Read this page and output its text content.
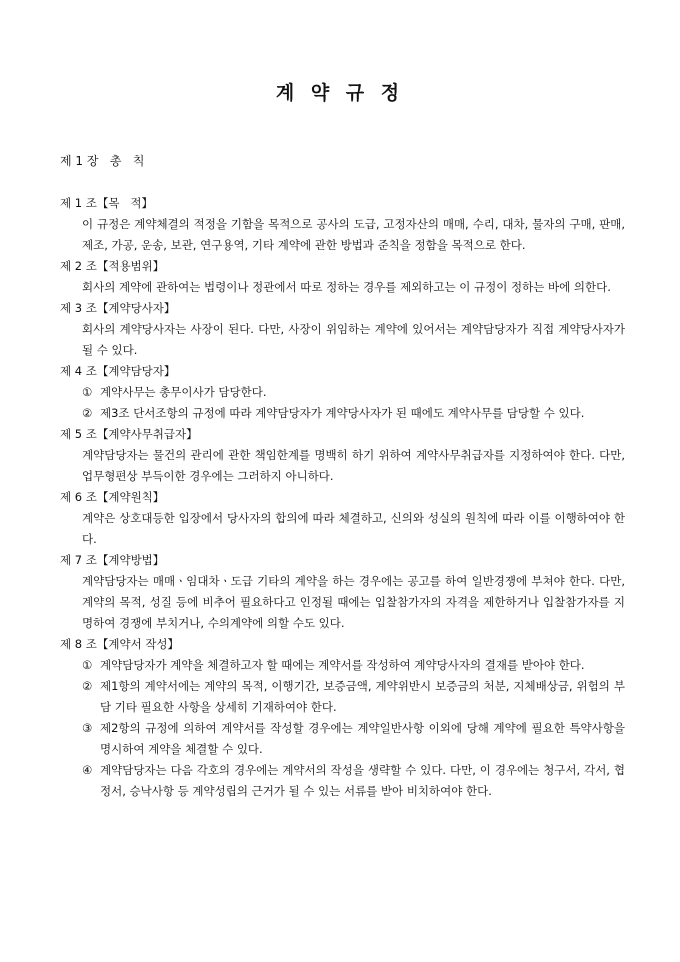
계 약 규 정
제 1 장   총   칙
제 1 조【목   적】
이 규정은 계약체결의 적정을 기함을 목적으로 공사의 도급, 고정자산의 매매, 수리, 대차, 물자의 구매, 판매, 제조, 가공, 운송, 보관, 연구용역, 기타 계약에 관한 방법과 준칙을 정함을 목적으로 한다.
제 2 조【적용범위】
회사의 계약에 관하여는 법령이나 정관에서 따로 정하는 경우를 제외하고는 이 규정이 정하는 바에 의한다.
제 3 조【계약당사자】
회사의 계약당사자는 사장이 된다. 다만, 사장이 위임하는 계약에 있어서는 계약담당자가 직접 계약당사자가 될 수 있다.
제 4 조【계약담당자】
① 계약사무는 총무이사가 담당한다.
② 제3조 단서조항의 규정에 따라 계약담당자가 계약당사자가 된 때에도 계약사무를 담당할 수 있다.
제 5 조【계약사무취급자】
계약담당자는 물건의 관리에 관한 책임한계를 명백히 하기 위하여 계약사무취급자를 지정하여야 한다. 다만, 업무형편상 부득이한 경우에는 그러하지 아니하다.
제 6 조【계약원칙】
계약은 상호대등한 입장에서 당사자의 합의에 따라 체결하고, 신의와 성실의 원칙에 따라 이를 이행하여야 한다.
제 7 조【계약방법】
계약담당자는 매매ㆍ임대차ㆍ도급 기타의 계약을 하는 경우에는 공고를 하여 일반경쟁에 부쳐야 한다. 다만, 계약의 목적, 성질 등에 비추어 필요하다고 인정될 때에는 입찰참가자의 자격을 제한하거나 입찰참가자를 지명하여 경쟁에 부치거나, 수의계약에 의할 수도 있다.
제 8 조【계약서 작성】
① 계약담당자가 계약을 체결하고자 할 때에는 계약서를 작성하여 계약당사자의 결재를 받아야 한다.
② 제1항의 계약서에는 계약의 목적, 이행기간, 보증금액, 계약위반시 보증금의 처분, 지체배상금, 위험의 부담 기타 필요한 사항을 상세히 기재하여야 한다.
③ 제2항의 규정에 의하여 계약서를 작성할 경우에는 계약일반사항 이외에 당해 계약에 필요한 특약사항을 명시하여 계약을 체결할 수 있다.
④ 계약담당자는 다음 각호의 경우에는 계약서의 작성을 생략할 수 있다. 다만, 이 경우에는 청구서, 각서, 협정서, 승낙사항 등 계약성립의 근거가 될 수 있는 서류를 받아 비치하여야 한다.
